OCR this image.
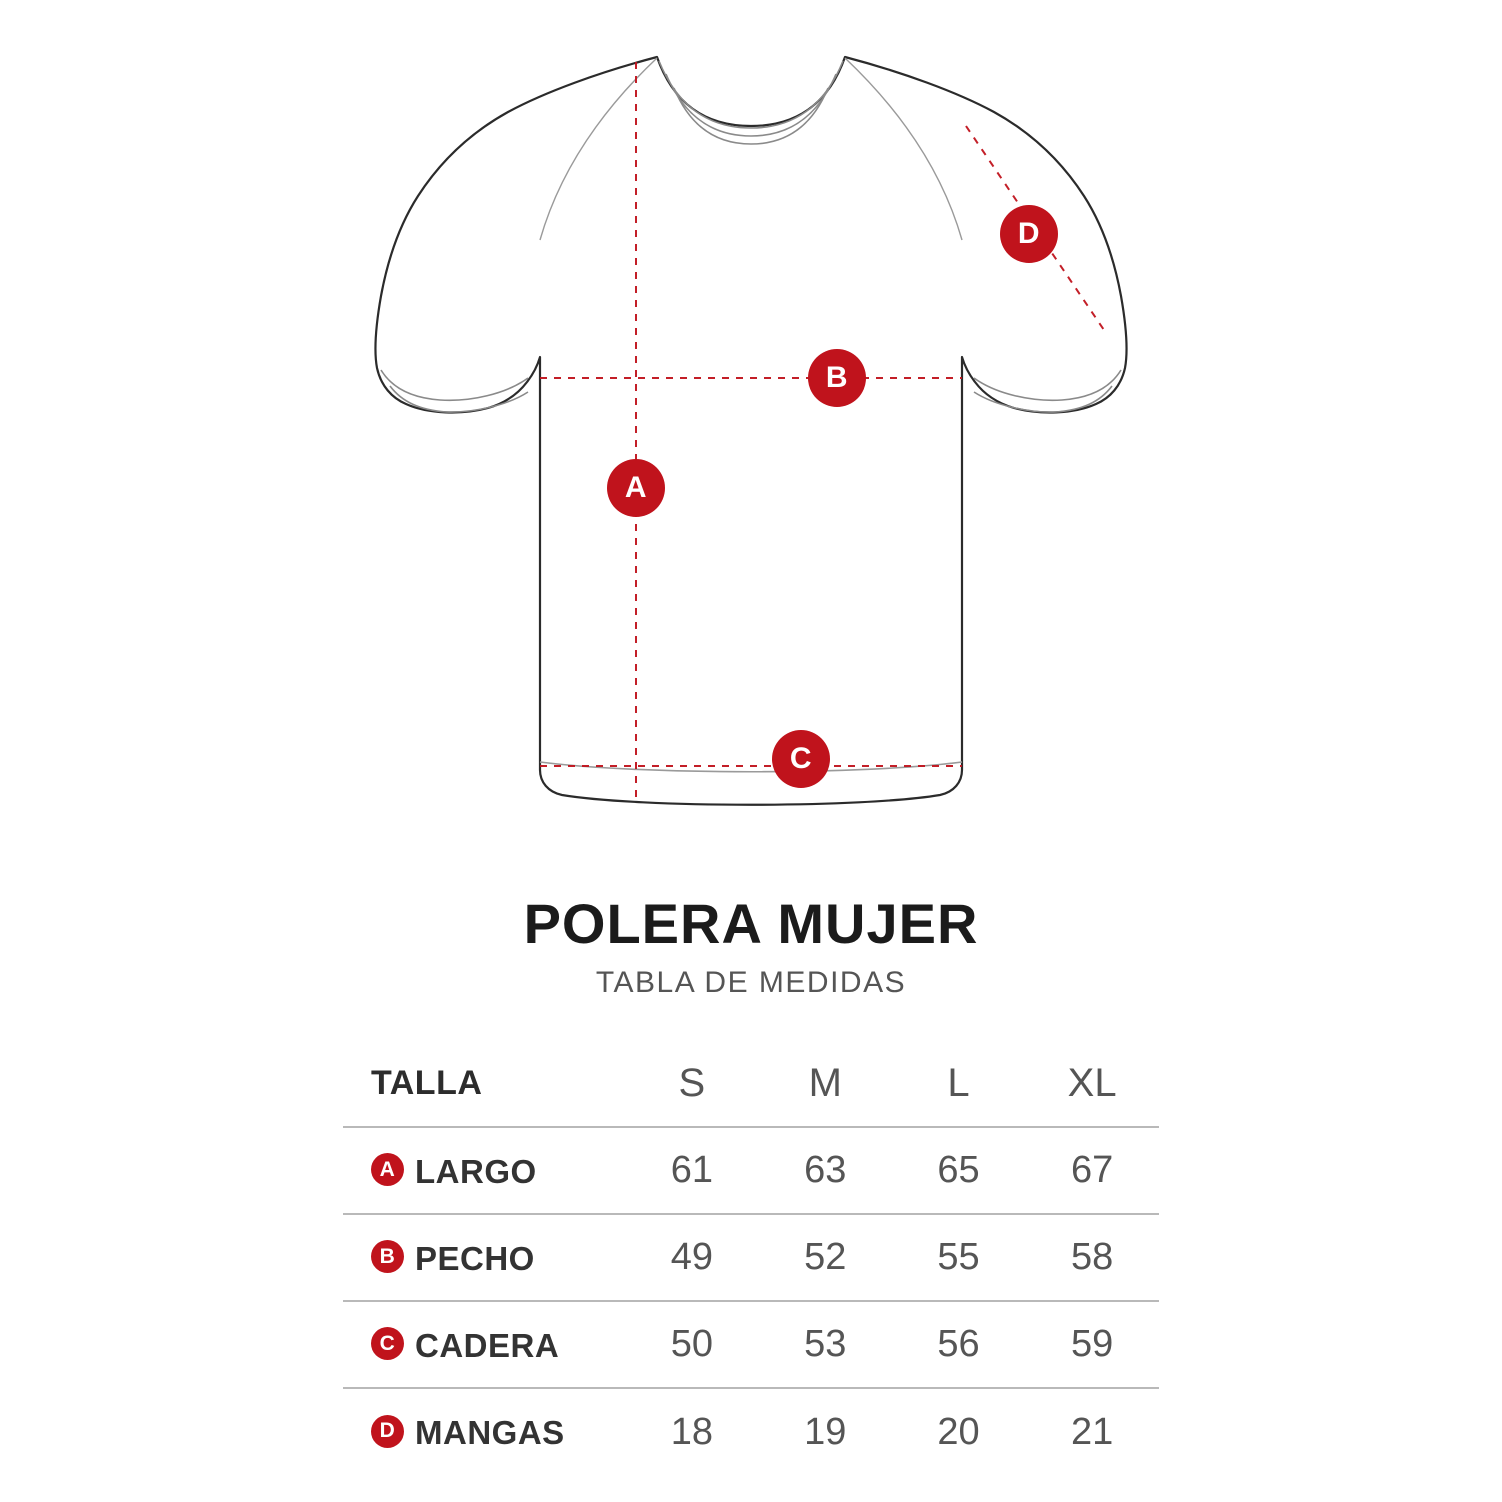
A
B
C
D
POLERA MUJER
TABLA DE MEDIDAS
TALLA	S	M	L	XL
A LARGO	61	63	65	67
B PECHO	49	52	55	58
C CADERA	50	53	56	59
D MANGAS	18	19	20	21
